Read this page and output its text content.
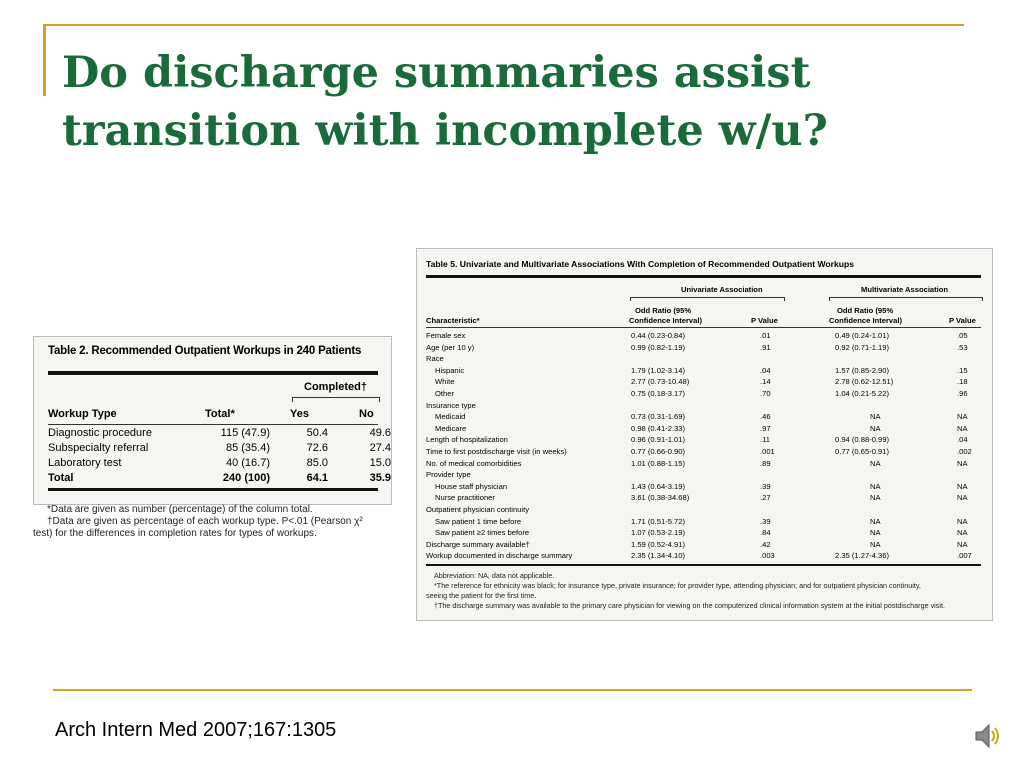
Do discharge summaries assist
transition with incomplete w/u?
Table 2. Recommended Outpatient Workups in 240 Patients
Completed†
Workup Type	Total*	Yes	No
Diagnostic procedure	115 (47.9)	50.4	49.6
Subspecialty referral	85 (35.4)	72.6	27.4
Laboratory test	40 (16.7)	85.0	15.0
Total	240 (100)	64.1	35.9
*Data are given as number (percentage) of the column total.
†Data are given as percentage of each workup type. P<.01 (Pearson χ²
test) for the differences in completion rates for types of workups.
Table 5. Univariate and Multivariate Associations With Completion of Recommended Outpatient Workups
Univariate Association	Multivariate Association
Characteristic*
Odd Ratio (95%
Confidence Interval)	P Value
Odd Ratio (95%
Confidence Interval)	P Value
Female sex	0.44 (0.23-0.84)	.01	0.49 (0.24-1.01)	.05
Age (per 10 y)	0.99 (0.82-1.19)	.91	0.92 (0.71-1.19)	.53
Race
Hispanic	1.79 (1.02-3.14)	.04	1.57 (0.85-2.90)	.15
White	2.77 (0.73-10.48)	.14	2.78 (0.62-12.51)	.18
Other	0.75 (0.18-3.17)	.70	1.04 (0.21-5.22)	.96
Insurance type
Medicaid	0.73 (0.31-1.69)	.46	NA	NA
Medicare	0.98 (0.41-2.33)	.97	NA	NA
Length of hospitalization	0.96 (0.91-1.01)	.11	0.94 (0.88-0.99)	.04
Time to first postdischarge visit (in weeks)	0.77 (0.66-0.90)	.001	0.77 (0.65-0.91)	.002
No. of medical comorbidities	1.01 (0.88-1.15)	.89	NA	NA
Provider type
House staff physician	1.43 (0.64-3.19)	.39	NA	NA
Nurse practitioner	3.61 (0.38-34.68)	.27	NA	NA
Outpatient physician continuity
Saw patient 1 time before	1.71 (0.51-5.72)	.39	NA	NA
Saw patient ≥2 times before	1.07 (0.53-2.19)	.84	NA	NA
Discharge summary available†	1.59 (0.52-4.91)	.42	NA	NA
Workup documented in discharge summary	2.35 (1.34-4.10)	.003	2.35 (1.27-4.36)	.007
Abbreviation: NA, data not applicable.
*The reference for ethnicity was black; for insurance type, private insurance; for provider type, attending physician; and for outpatient physician continuity,
seeing the patient for the first time.
†The discharge summary was available to the primary care physician for viewing on the computerized clinical information system at the initial postdischarge visit.
Arch Intern Med 2007;167:1305
